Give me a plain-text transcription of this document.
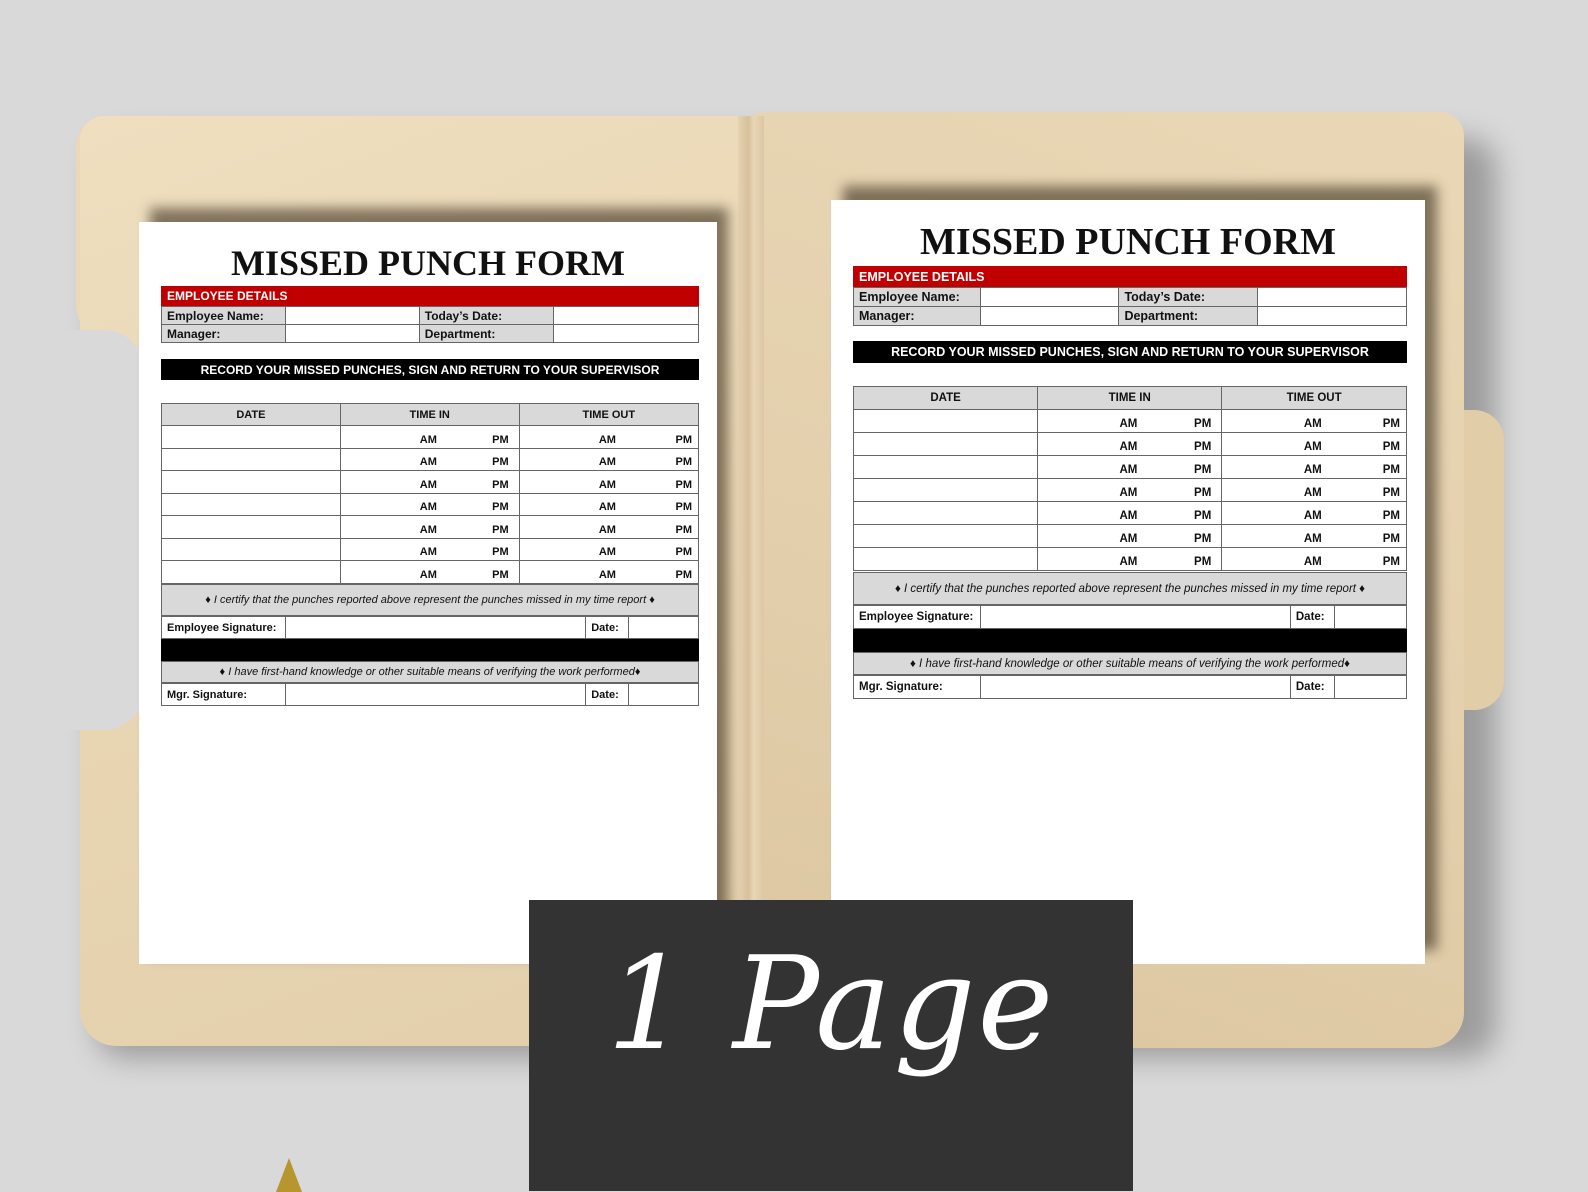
MISSED PUNCH FORM
EMPLOYEE DETAILS
Employee Name:		Today’s Date:	
Manager:		Department:	
RECORD YOUR MISSED PUNCHES, SIGN AND RETURN TO YOUR SUPERVISOR
DATE	TIME IN	TIME OUT

	AM PM	AM PM

	AM PM	AM PM

	AM PM	AM PM

	AM PM	AM PM

	AM PM	AM PM

	AM PM	AM PM

	AM PM	AM PM
♦ I certify that the punches reported above represent the punches missed in my time report ♦
Employee Signature:		Date:	
♦ I have first-hand knowledge or other suitable means of verifying the work performed♦
Mgr. Signature:		Date:	
MISSED PUNCH FORM
EMPLOYEE DETAILS
Employee Name:		Today’s Date:	
Manager:		Department:	
RECORD YOUR MISSED PUNCHES, SIGN AND RETURN TO YOUR SUPERVISOR
DATE	TIME IN	TIME OUT

	AM PM	AM PM

	AM PM	AM PM

	AM PM	AM PM

	AM PM	AM PM

	AM PM	AM PM

	AM PM	AM PM

	AM PM	AM PM
♦ I certify that the punches reported above represent the punches missed in my time report ♦
Employee Signature:		Date:	
♦ I have first-hand knowledge or other suitable means of verifying the work performed♦
Mgr. Signature:		Date:	
1 Page
